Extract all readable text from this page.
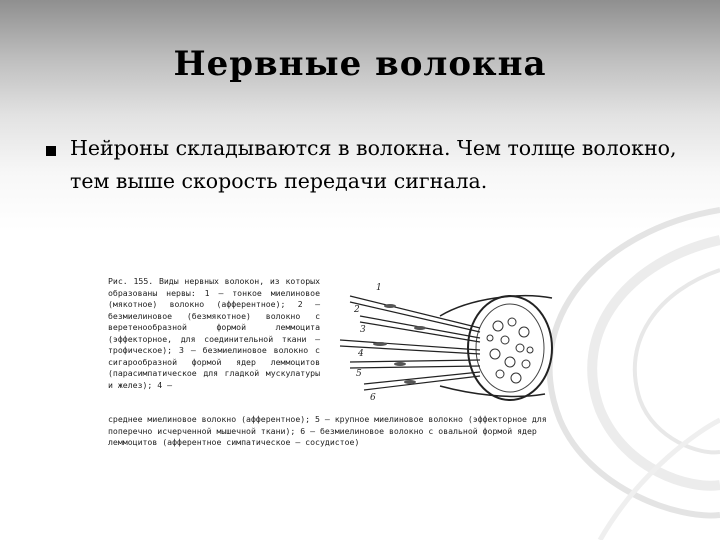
Нервные волокна
Нейроны складываются в волокна. Чем толще волокно, тем выше скорость передачи сигнала.
Рис. 155. Виды нервных волокон, из которых образованы нервы: 1 — тонкое миелиновое (мякотное) волокно (афферентное); 2 — безмиелиновое (безмякотное) волокно с веретенообразной формой леммоцита (эффекторное, для соединительной ткани — трофическое); 3 — безмиелиновое волокно с сигарообразной формой ядер леммоцитов (парасимпатическое для гладкой мускулатуры и желез); 4 —
1
2
3
4
5
6
среднее миелиновое волокно (афферентное); 5 — крупное миелиновое волокно (эффекторное для поперечно исчерченной мышечной ткани); 6 — безмиелиновое волокно с овальной формой ядер леммоцитов (афферентное симпатическое — сосудистое)
